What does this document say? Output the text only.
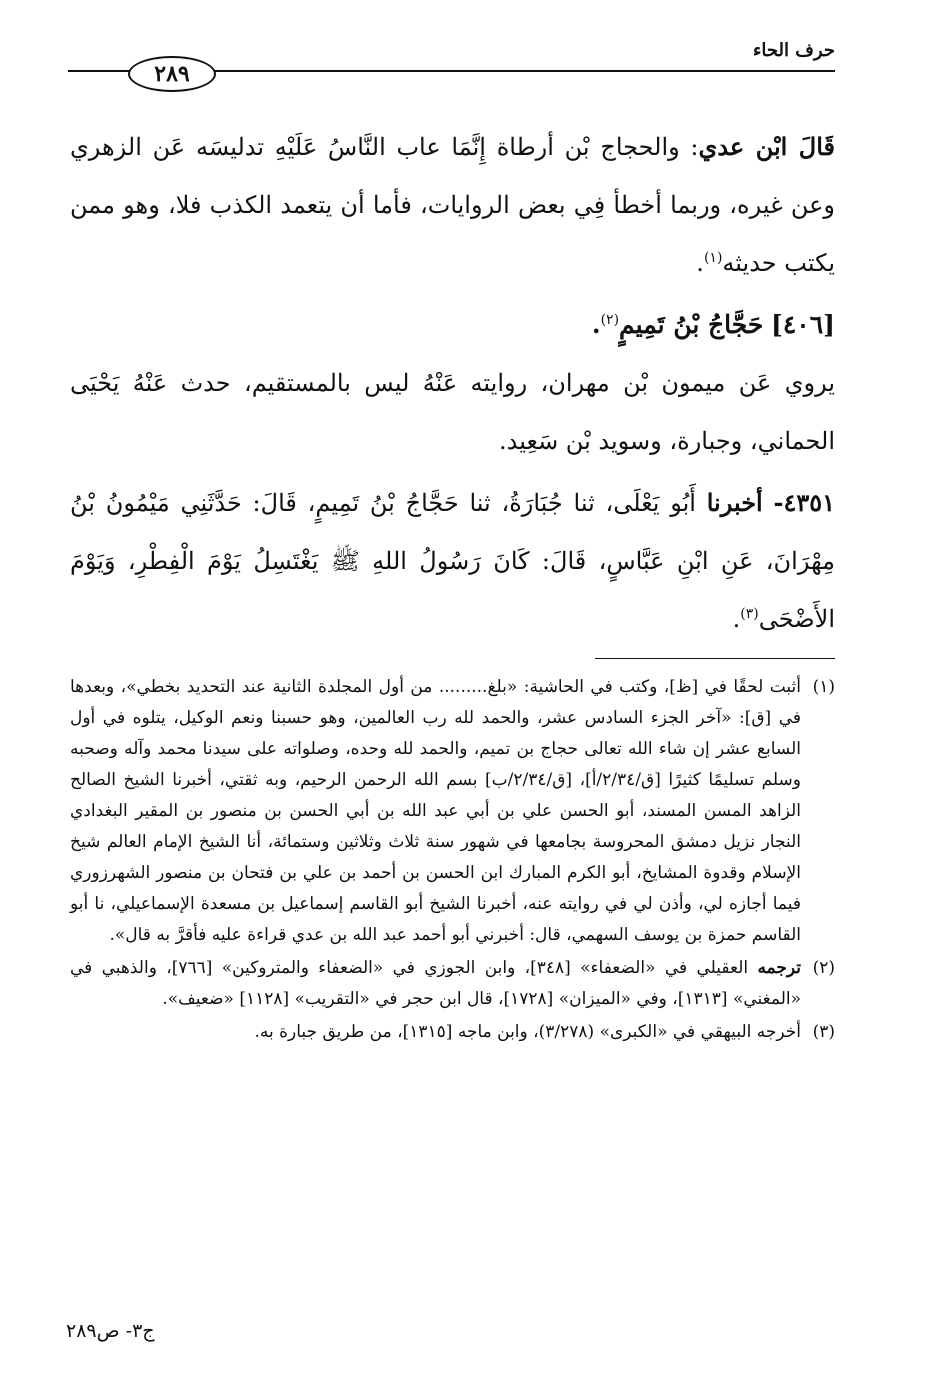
حرف الحاء
٢٨٩

قَالَ ابْن عدي: والحجاج بْن أرطاة إِنَّمَا عاب النَّاسُ عَلَيْهِ تدليسَه عَن الزهري وعن غيره، وربما أخطأ فِي بعض الروايات، فأما أن يتعمد الكذب فلا، وهو ممن يكتب حديثه$^{(١)}$.

[٤٠٦] حَجَّاجُ بْنُ تَمِيمٍ$^{(٢)}$.

يروي عَن ميمون بْن مهران، روايته عَنْهُ ليس بالمستقيم، حدث عَنْهُ يَحْيَى الحماني، وجبارة، وسويد بْن سَعِيد.

٤٣٥١- أخبرنا أَبُو يَعْلَى، ثنا جُبَارَةُ، ثنا حَجَّاجُ بْنُ تَمِيمٍ، قَالَ: حَدَّثَنِي مَيْمُونُ بْنُ مِهْرَانَ، عَنِ ابْنِ عَبَّاسٍ، قَالَ: كَانَ رَسُولُ اللهِ ﷺ يَغْتَسِلُ يَوْمَ الْفِطْرِ، وَيَوْمَ الأَضْحَى$^{(٣)}$.

(١)
أثبت لحقًا في [ظ]، وكتب في الحاشية: «بلغ......... من أول المجلدة الثانية عند التحديد بخطي»، وبعدها في [ق]: «آخر الجزء السادس عشر، والحمد لله رب العالمين، وهو حسبنا ونعم الوكيل، يتلوه في أول السابع عشر إن شاء الله تعالى حجاج بن تميم، والحمد لله وحده، وصلواته على سيدنا محمد وآله وصحبه وسلم تسليمًا كثيرًا [ق/٢/٣٤/أ]، [ق/٢/٣٤/ب] بسم الله الرحمن الرحيم، وبه ثقتي، أخبرنا الشيخ الصالح الزاهد المسن المسند، أبو الحسن علي بن أبي عبد الله بن أبي الحسن بن منصور بن المقير البغدادي النجار نزيل دمشق المحروسة بجامعها في شهور سنة ثلاث وثلاثين وستمائة، أنا الشيخ الإمام العالم شيخ الإسلام وقدوة المشايخ، أبو الكرم المبارك ابن الحسن بن أحمد بن علي بن فتحان بن منصور الشهرزوري فيما أجازه لي، وأذن لي في روايته عنه، أخبرنا الشيخ أبو القاسم إسماعيل بن مسعدة الإسماعيلي، نا أبو القاسم حمزة بن يوسف السهمي، قال: أخبرني أبو أحمد عبد الله بن عدي قراءة عليه فأقرَّ به قال».
(٢)
ترجمه العقيلي في «الضعفاء» [٣٤٨]، وابن الجوزي في «الضعفاء والمتروكين» [٧٦٦]، والذهبي في «المغني» [١٣١٣]، وفي «الميزان» [١٧٢٨]، قال ابن حجر في «التقريب» [١١٢٨] «ضعيف».
(٣)
أخرجه البيهقي في «الكبرى» (٣/٢٧٨)، وابن ماجه [١٣١٥]، من طريق جبارة به.
ج٣- ص٢٨٩
